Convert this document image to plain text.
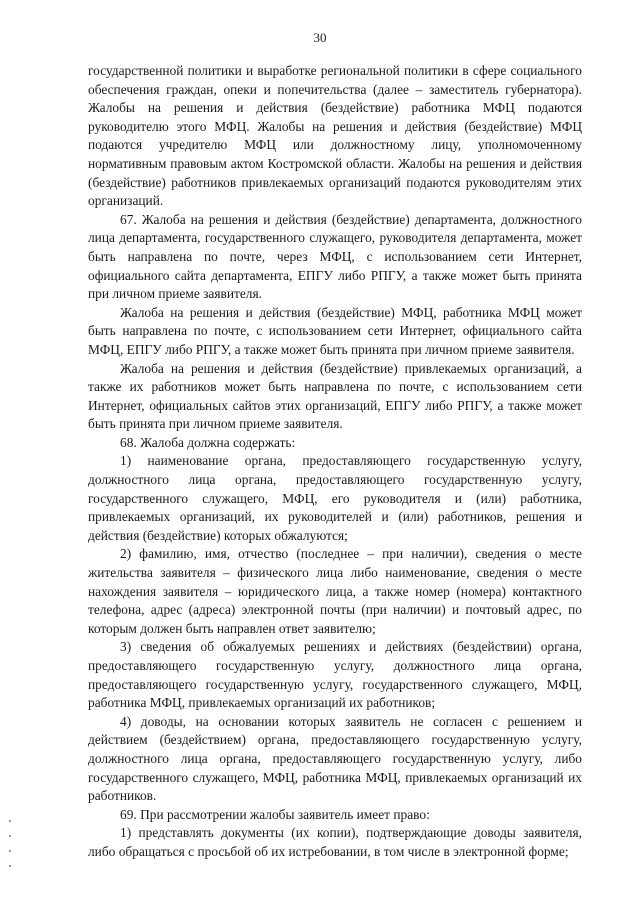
30

государственной политики и выработке региональной политики в сфере социального обеспечения граждан, опеки и попечительства (далее – заместитель губернатора). Жалобы на решения и действия (бездействие) работника МФЦ подаются руководителю этого МФЦ. Жалобы на решения и действия (бездействие) МФЦ подаются учредителю МФЦ или должностному лицу, уполномоченному нормативным правовым актом Костромской области. Жалобы на решения и действия (бездействие) работников привлекаемых организаций подаются руководителям этих организаций.

67. Жалоба на решения и действия (бездействие) департамента, должностного лица департамента, государственного служащего, руководителя департамента, может быть направлена по почте, через МФЦ, с использованием сети Интернет, официального сайта департамента, ЕПГУ либо РПГУ, а также может быть принята при личном приеме заявителя.

Жалоба на решения и действия (бездействие) МФЦ, работника МФЦ может быть направлена по почте, с использованием сети Интернет, официального сайта МФЦ, ЕПГУ либо РПГУ, а также может быть принята при личном приеме заявителя.

Жалоба на решения и действия (бездействие) привлекаемых организаций, а также их работников может быть направлена по почте, с использованием сети Интернет, официальных сайтов этих организаций, ЕПГУ либо РПГУ, а также может быть принята при личном приеме заявителя.

68. Жалоба должна содержать:

1) наименование органа, предоставляющего государственную услугу, должностного лица органа, предоставляющего государственную услугу, государственного служащего, МФЦ, его руководителя и (или) работника, привлекаемых организаций, их руководителей и (или) работников, решения и действия (бездействие) которых обжалуются;

2) фамилию, имя, отчество (последнее – при наличии), сведения о месте жительства заявителя – физического лица либо наименование, сведения о месте нахождения заявителя – юридического лица, а также номер (номера) контактного телефона, адрес (адреса) электронной почты (при наличии) и почтовый адрес, по которым должен быть направлен ответ заявителю;

3) сведения об обжалуемых решениях и действиях (бездействии) органа, предоставляющего государственную услугу, должностного лица органа, предоставляющего государственную услугу, государственного служащего, МФЦ, работника МФЦ, привлекаемых организаций их работников;

4) доводы, на основании которых заявитель не согласен с решением и действием (бездействием) органа, предоставляющего государственную услугу, должностного лица органа, предоставляющего государственную услугу, либо государственного служащего, МФЦ, работника МФЦ, привлекаемых организаций их работников.

69. При рассмотрении жалобы заявитель имеет право:

1) представлять документы (их копии), подтверждающие доводы заявителя, либо обращаться с просьбой об их истребовании, в том числе в электронной форме;
